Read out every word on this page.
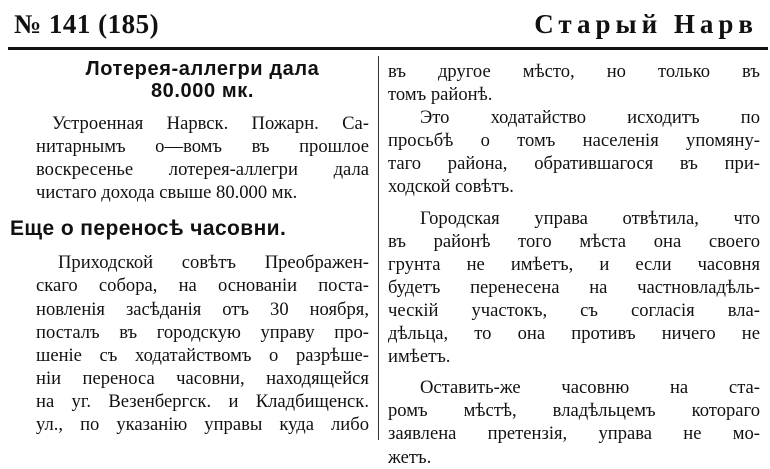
№ 141 (185)	Старый Нарв
Лотерея-аллегри дала
80.000 мк.

Устроенная Нарвск. Пожарн. Са-
нитарнымъ о—вомъ въ прошлое
воскресенье лотерея-аллегри дала
чистаго дохода свыше 80.000 мк.

Еще о переносѣ часовни.

Приходской совѣтъ Преображен-
скаго собора, на основанiи поста-
новленiя засѣданiя отъ 30 ноября,
посталъ въ городскую управу про-
шенiе съ ходатайствомъ о разрѣше-
нiи переноса часовни, находящейся
на уг. Везенбергск. и Кладбищенск.
ул., по указанiю управы куда либо

въ другое мѣсто, но только въ
томъ районѣ.

Это ходатайство исходитъ по
просьбѣ о томъ населенiя упомяну-
таго района, обратившагося въ при-
ходской совѣтъ.

Городская управа отвѣтила, что
въ районѣ того мѣста она своего
грунта не имѣетъ, и если часовня
будетъ перенесена на частновладѣль-
ческiй участокъ, съ согласiя вла-
дѣльца, то она противъ ничего не
имѣетъ.

Оставить-же часовню на ста-
ромъ мѣстѣ, владѣльцемъ котораго
заявлена претензiя, управа не мо-
жетъ.
